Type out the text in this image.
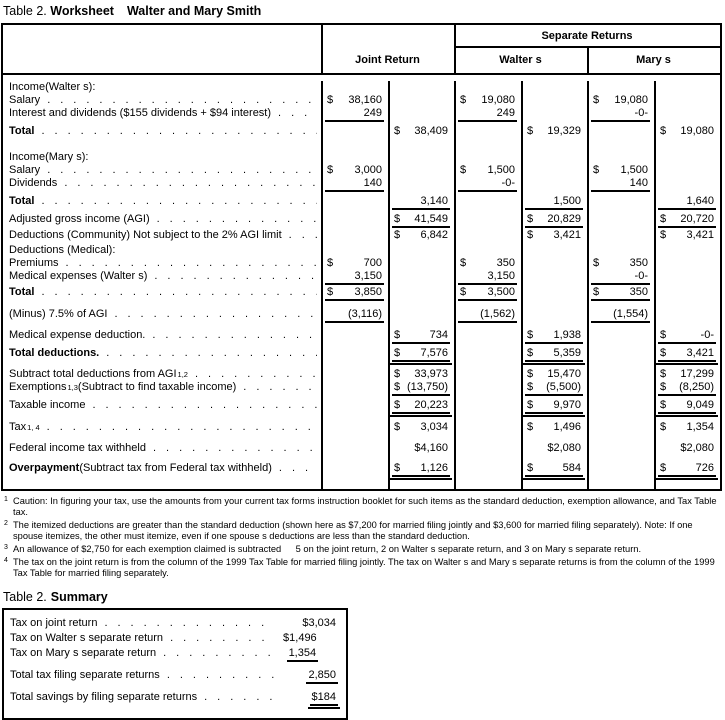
Table 2. Worksheet Walter and Mary Smith
Joint Return
Separate Returns
Walter s	Mary s
Income(Walter s):
Salary .....	$ 38,160	$ 19,080	$ 19,080
Interest and dividends ($155 dividends + $94 interest) .....	249	249	-0-
Total .....	$ 38,409	$ 19,329	$ 19,080
Income(Mary s):
Salary .....	$ 3,000	$ 1,500	$ 1,500
Dividends .....	140	-0-	140
Total .....	3,140	1,500	1,640
Adjusted gross income (AGI) .....	$ 41,549	$ 20,829	$ 20,720
Deductions (Community) Not subject to the 2% AGI limit .....	$ 6,842	$ 3,421	$ 3,421
Deductions (Medical):
Premiums .....	$	700	$	350	$	350
Medical expenses (Walter s) .....	3,150	3,150	-0-
Total .....	$ 3,850	$ 3,500	$	350
(Minus) 7.5% of AGI .....	(3,116)	(1,562)	(1,554)
Medical expense deduction. .....	$	734	$ 1,938	$	-0-
Total deductions. .....	$ 7,576	$ 5,359	$ 3,421
Subtract total deductions from AGI 1,2 .....	$ 33,973	$ 15,470	$ 17,299
Exemptions 1,3 (Subtract to find taxable income) .....	$ (13,750)	$ (5,500)	$ (8,250)
Taxable income .....	$ 20,223	$ 9,970	$ 9,049
Tax 1, 4 .....	$ 3,034	$ 1,496	$ 1,354
Federal income tax withheld .....	$4,160	$2,080	$2,080
Overpayment (Subtract tax from Federal tax withheld) .....	$ 1,126	$	584	$	726
1 Caution: In figuring your tax, use the amounts from your current tax forms instruction booklet for such items as the standard deduction, exemption allowance, and Tax Table tax.
2 The itemized deductions are greater than the standard deduction (shown here as $7,200 for married filing jointly and $3,600 for married filing separately). Note: If one spouse itemizes, the other must itemize, even if one spouse s deductions are less than the standard deduction.
3 An allowance of $2,750 for each exemption claimed is subtracted   5 on the joint return, 2 on Walter s separate return, and 3 on Mary s separate return.
4 The tax on the joint return is from the column of the 1999 Tax Table for married filing jointly. The tax on Walter s and Mary s separate returns is from the column of the 1999 Tax Table for married filing separately.
Table 2. Summary
Tax on joint return .....	$3,034
Tax on Walter s separate return .....	$1,496
Tax on Mary s separate return .....	1,354
Total tax filing separate returns .....	2,850
Total savings by filing separate returns .....	$ 184
